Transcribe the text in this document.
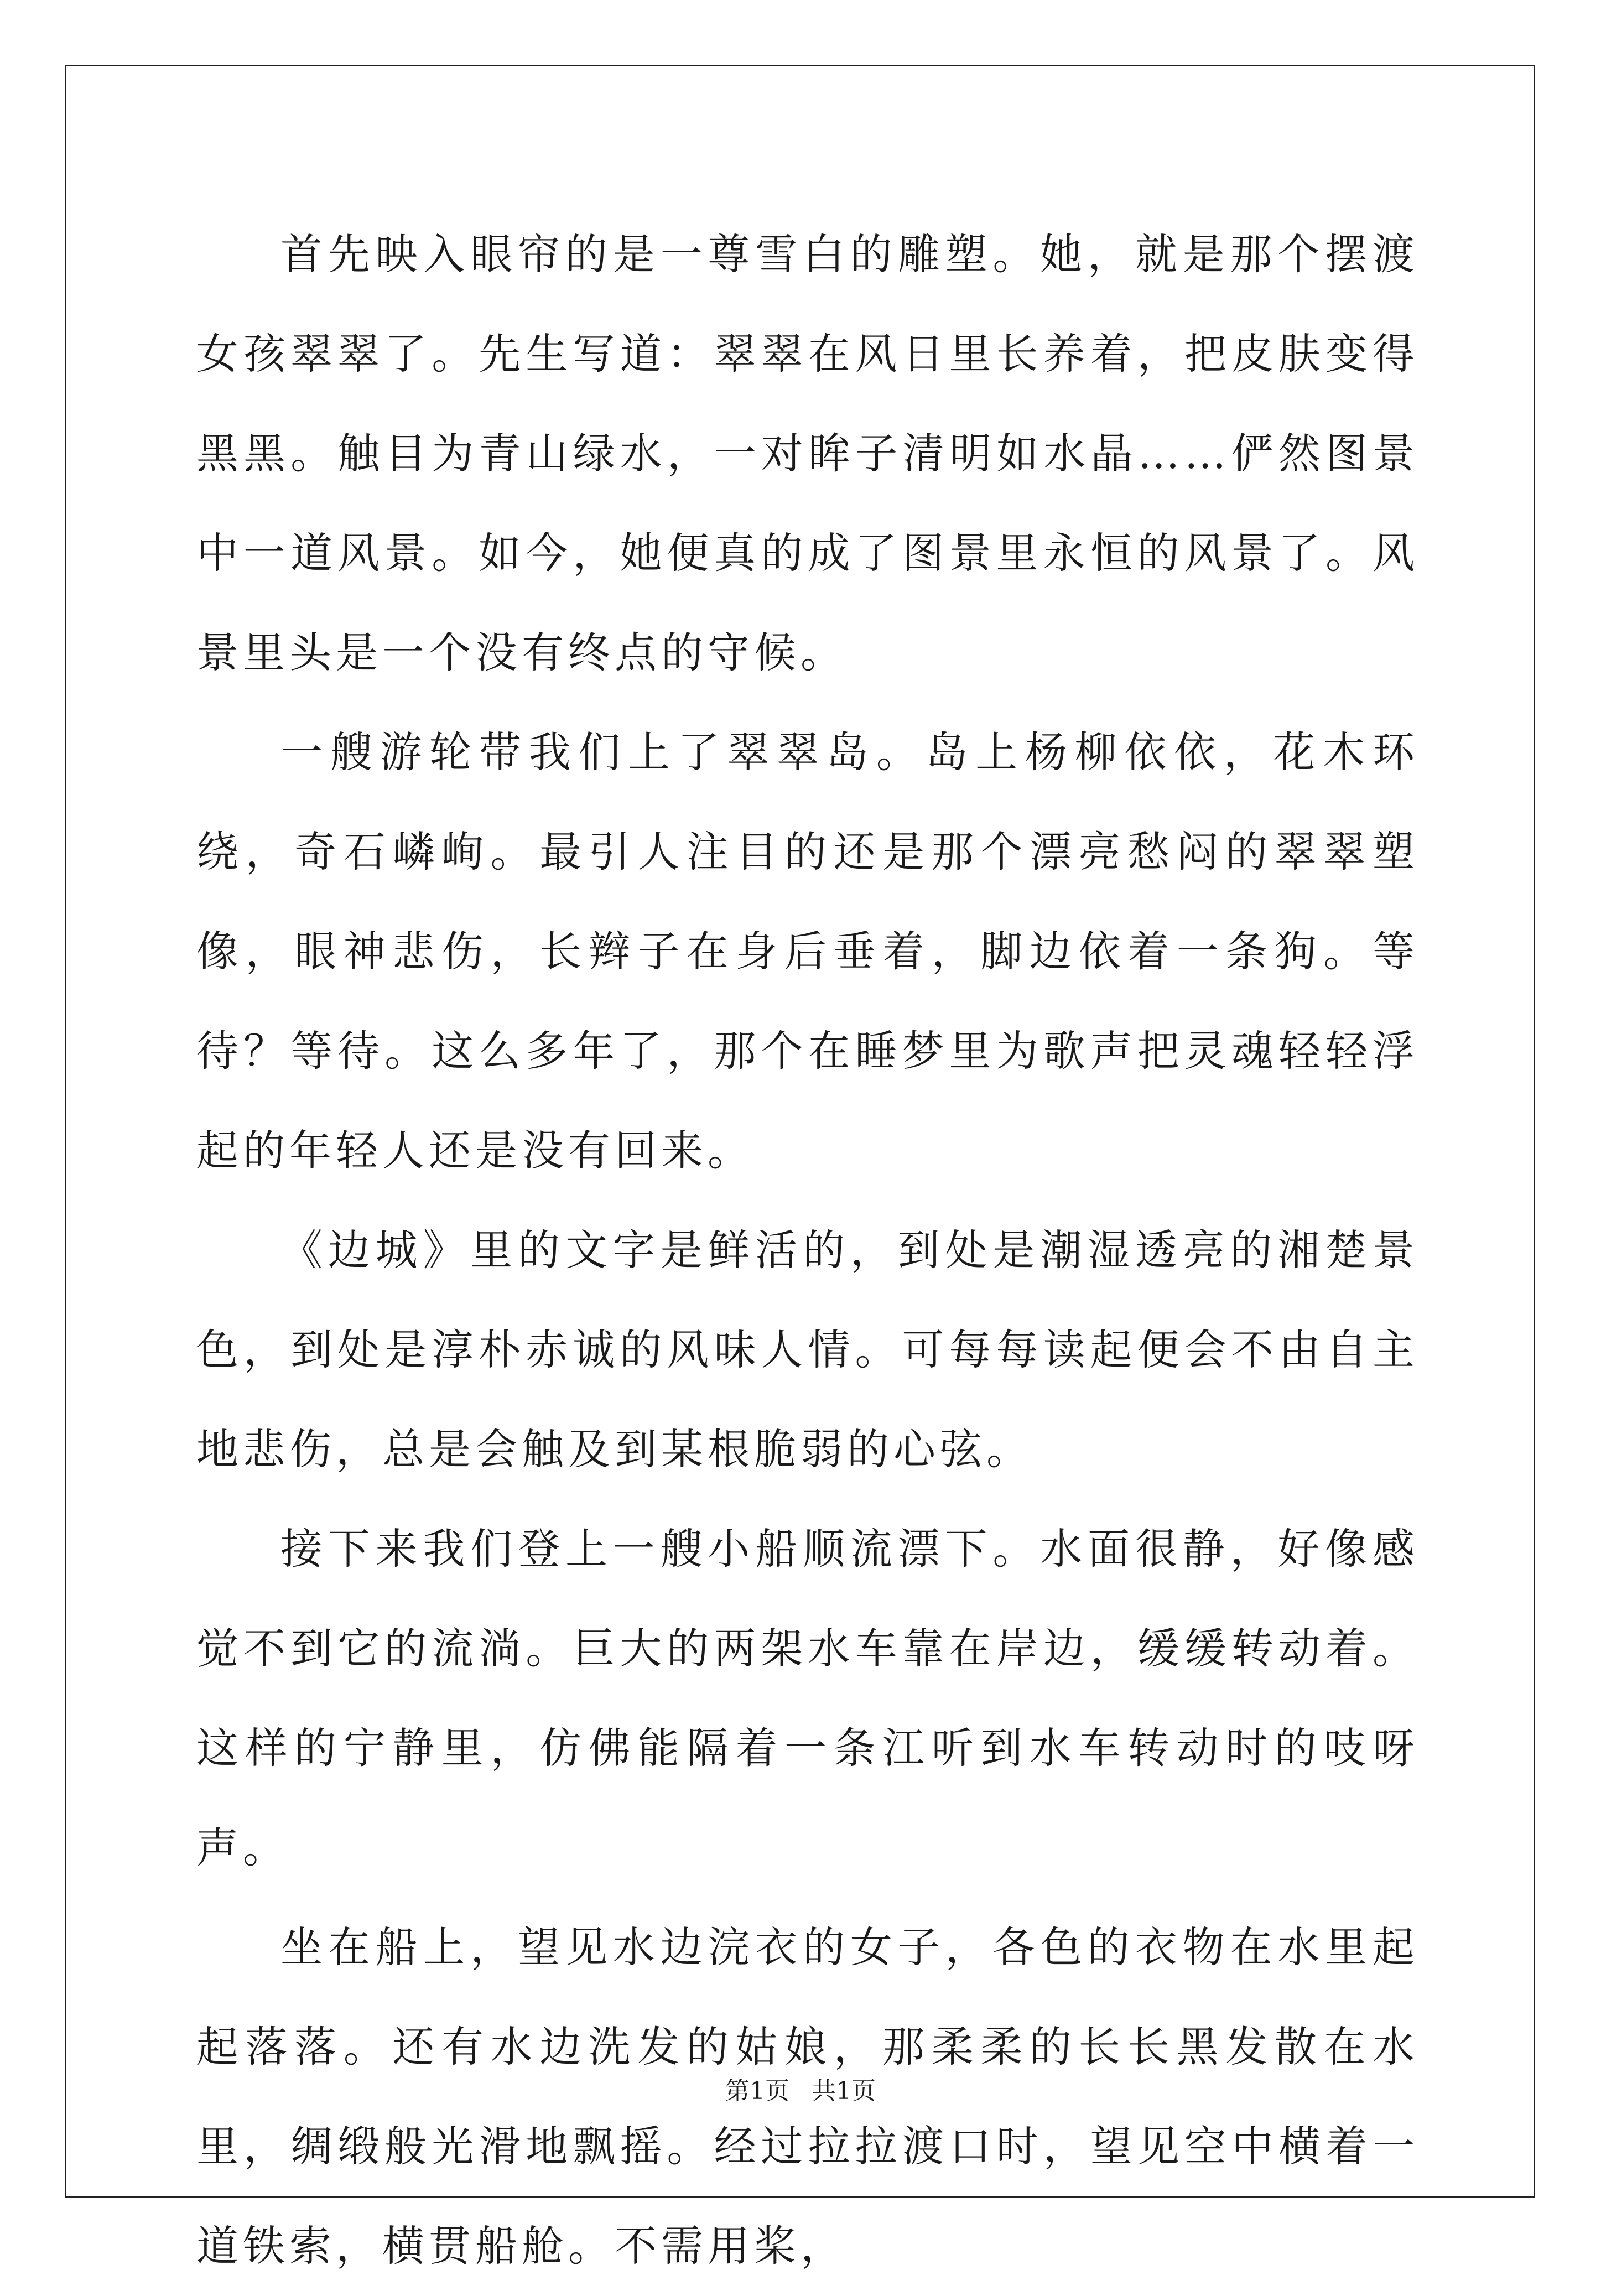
首先映入眼帘的是一尊雪白的雕塑。她，就是那个摆渡女孩翠翠了。先生写道：翠翠在风日里长养着，把皮肤变得黑黑。触目为青山绿水，一对眸子清明如水晶……俨然图景中一道风景。如今，她便真的成了图景里永恒的风景了。风景里头是一个没有终点的守候。

一艘游轮带我们上了翠翠岛。岛上杨柳依依，花木环绕，奇石嶙峋。最引人注目的还是那个漂亮愁闷的翠翠塑像，眼神悲伤，长辫子在身后垂着，脚边依着一条狗。等待？等待。这么多年了，那个在睡梦里为歌声把灵魂轻轻浮起的年轻人还是没有回来。

《边城》里的文字是鲜活的，到处是潮湿透亮的湘楚景色，到处是淳朴赤诚的风味人情。可每每读起便会不由自主地悲伤，总是会触及到某根脆弱的心弦。

接下来我们登上一艘小船顺流漂下。水面很静，好像感觉不到它的流淌。巨大的两架水车靠在岸边，缓缓转动着。这样的宁静里，仿佛能隔着一条江听到水车转动时的吱呀声。

坐在船上，望见水边浣衣的女子，各色的衣物在水里起起落落。还有水边洗发的姑娘，那柔柔的长长黑发散在水里，绸缎般光滑地飘摇。经过拉拉渡口时，望见空中横着一道铁索，横贯船舱。不需用桨，

第1页 共1页
